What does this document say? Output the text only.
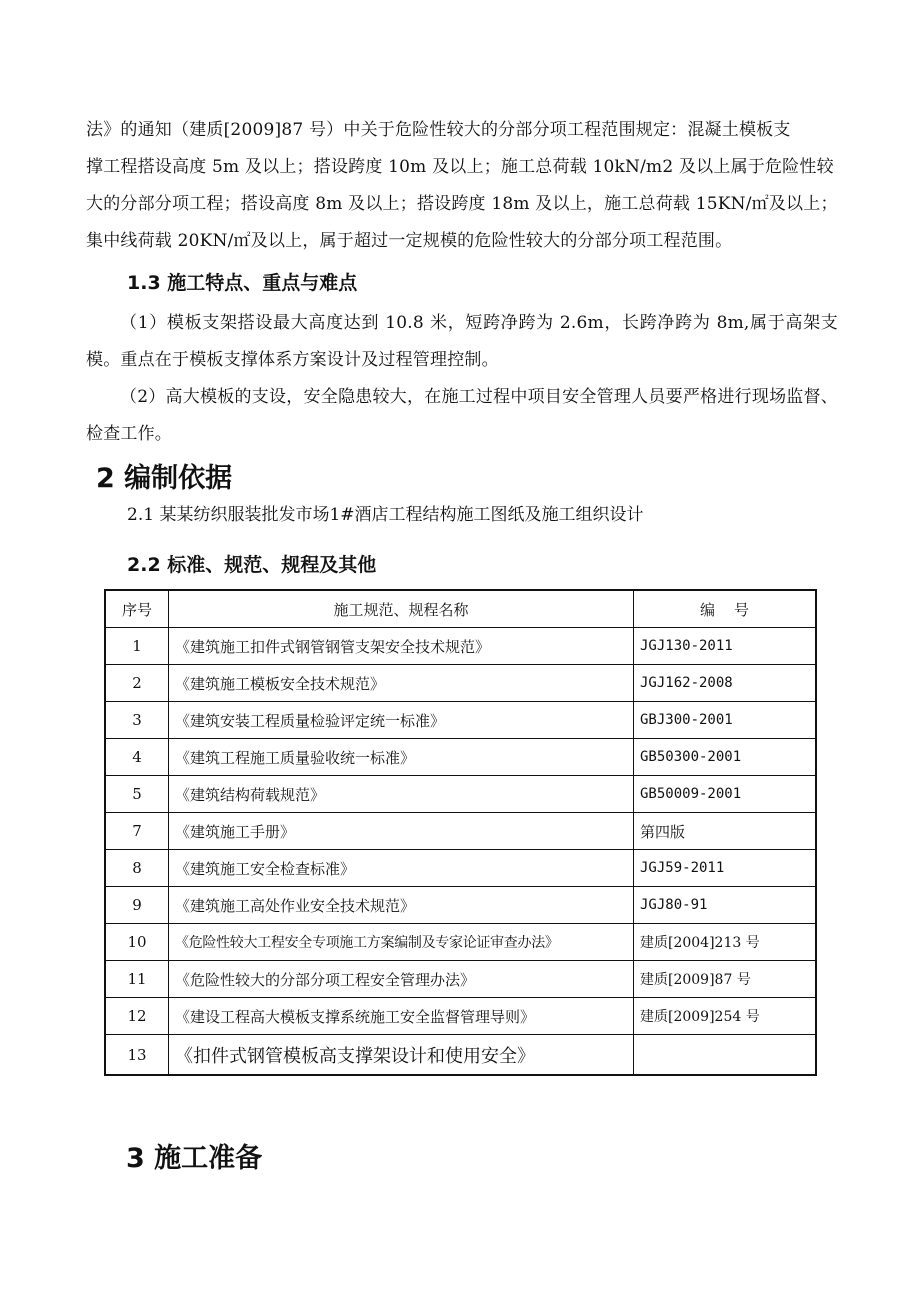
法》的通知（建质[2009]87 号）中关于危险性较大的分部分项工程范围规定：混凝土模板支
撑工程搭设高度 5m 及以上；搭设跨度 10m 及以上；施工总荷载 10kN/m2 及以上属于危险性较
大的分部分项工程；搭设高度 8m 及以上；搭设跨度 18m 及以上，施工总荷载 15KN/㎡及以上；
集中线荷载 20KN/㎡及以上，属于超过一定规模的危险性较大的分部分项工程范围。
1.3 施工特点、重点与难点
（1）模板支架搭设最大高度达到 10.8 米，短跨净跨为 2.6m，长跨净跨为 8m,属于高架支模。重点在于模板支撑体系方案设计及过程管理控制。
（2）高大模板的支设，安全隐患较大，在施工过程中项目安全管理人员要严格进行现场监督、检查工作。
2 编制依据
2.1 某某纺织服装批发市场1#酒店工程结构施工图纸及施工组织设计
2.2 标准、规范、规程及其他
序号	施工规范、规程名称	编    号
1	《建筑施工扣件式钢管钢管支架安全技术规范》	JGJ130-2011
2	《建筑施工模板安全技术规范》	JGJ162-2008
3	《建筑安装工程质量检验评定统一标准》	GBJ300-2001
4	《建筑工程施工质量验收统一标准》	GB50300-2001
5	《建筑结构荷载规范》	GB50009-2001
7	《建筑施工手册》	第四版
8	《建筑施工安全检查标准》	JGJ59-2011
9	《建筑施工高处作业安全技术规范》	JGJ80-91
10	《危险性较大工程安全专项施工方案编制及专家论证审查办法》	建质[2004]213 号
11	《危险性较大的分部分项工程安全管理办法》	建质[2009]87 号
12	《建设工程高大模板支撑系统施工安全监督管理导则》	建质[2009]254 号
13	《扣件式钢管模板高支撑架设计和使用安全》	
3 施工准备
